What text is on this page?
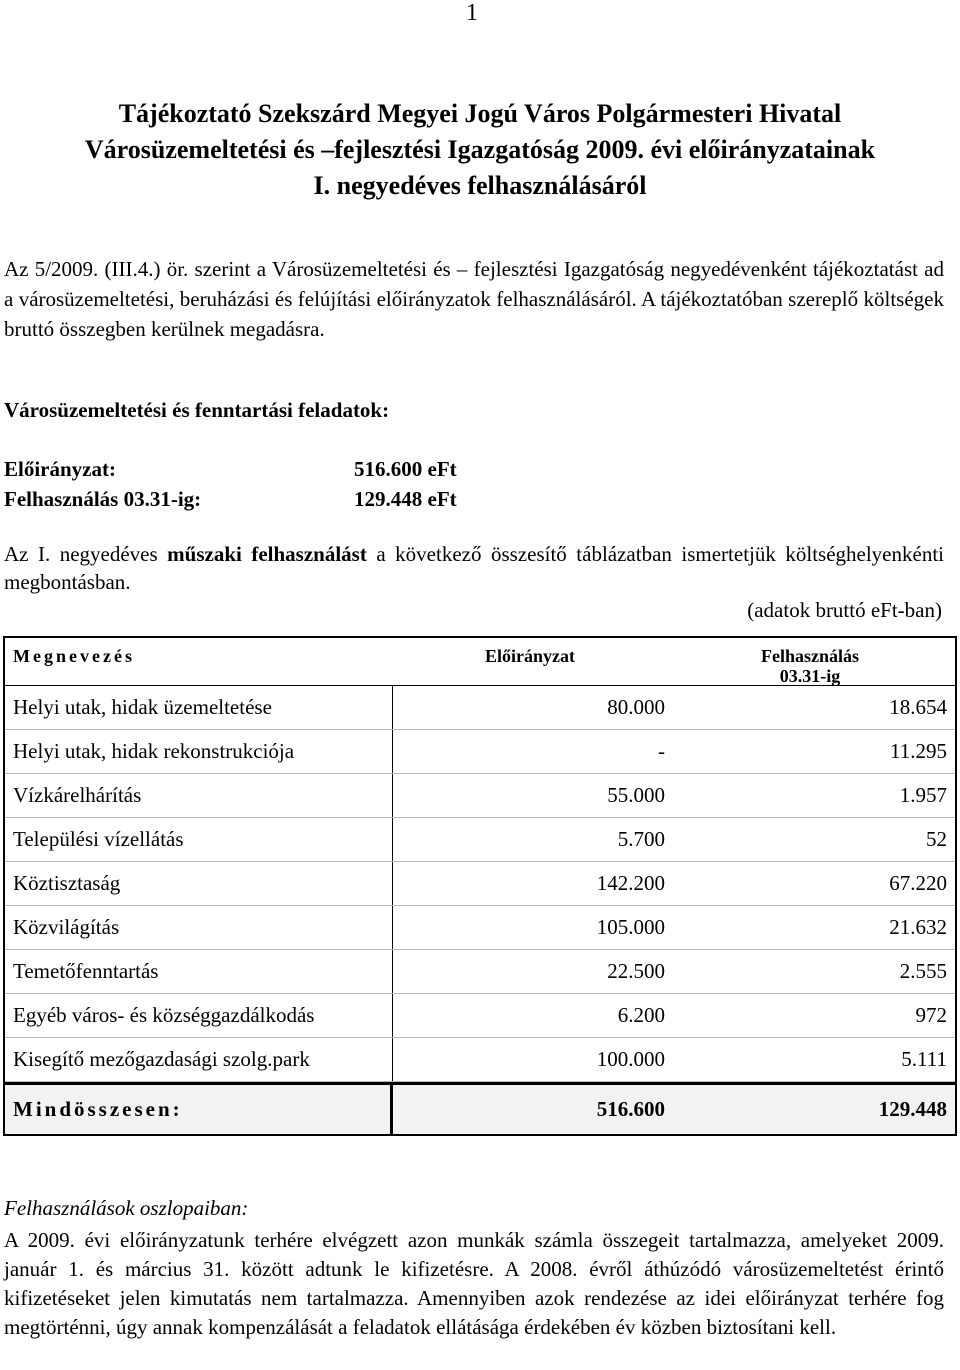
1
Tájékoztató Szekszárd Megyei Jogú Város Polgármesteri Hivatal
Városüzemeltetési és –fejlesztési Igazgatóság 2009. évi előirányzatainak
I. negyedéves felhasználásáról
Az 5/2009. (III.4.) ör. szerint a Városüzemeltetési és – fejlesztési Igazgatóság negyedévenként tájékoztatást ad a városüzemeltetési, beruházási és felújítási előirányzatok felhasználásáról. A tájékoztatóban szereplő költségek bruttó összegben kerülnek megadásra.
Városüzemeltetési és fenntartási feladatok:
Előirányzat:	516.600 eFt
Felhasználás 03.31-ig:	129.448 eFt
Az I. negyedéves műszaki felhasználást a következő összesítő táblázatban ismertetjük költséghelyenkénti megbontásban.
(adatok bruttó eFt-ban)
Megnevezés	Előirányzat	Felhasználás
03.31-ig
Helyi utak, hidak üzemeltetése	80.000	18.654
Helyi utak, hidak rekonstrukciója	-	11.295
Vízkárelhárítás	55.000	1.957
Települési vízellátás	5.700	52
Köztisztaság	142.200	67.220
Közvilágítás	105.000	21.632
Temetőfenntartás	22.500	2.555
Egyéb város- és községgazdálkodás	6.200	972
Kisegítő mezőgazdasági szolg.park	100.000	5.111
Mindösszesen:	516.600	129.448
Felhasználások oszlopaiban:
A 2009. évi előirányzatunk terhére elvégzett azon munkák számla összegeit tartalmazza, amelyeket 2009. január 1. és március 31. között adtunk le kifizetésre. A 2008. évről áthúzódó városüzemeltetést érintő kifizetéseket jelen kimutatás nem tartalmazza. Amennyiben azok rendezése az idei előirányzat terhére fog megtörténni, úgy annak kompenzálását a feladatok ellátásága érdekében év közben biztosítani kell.
